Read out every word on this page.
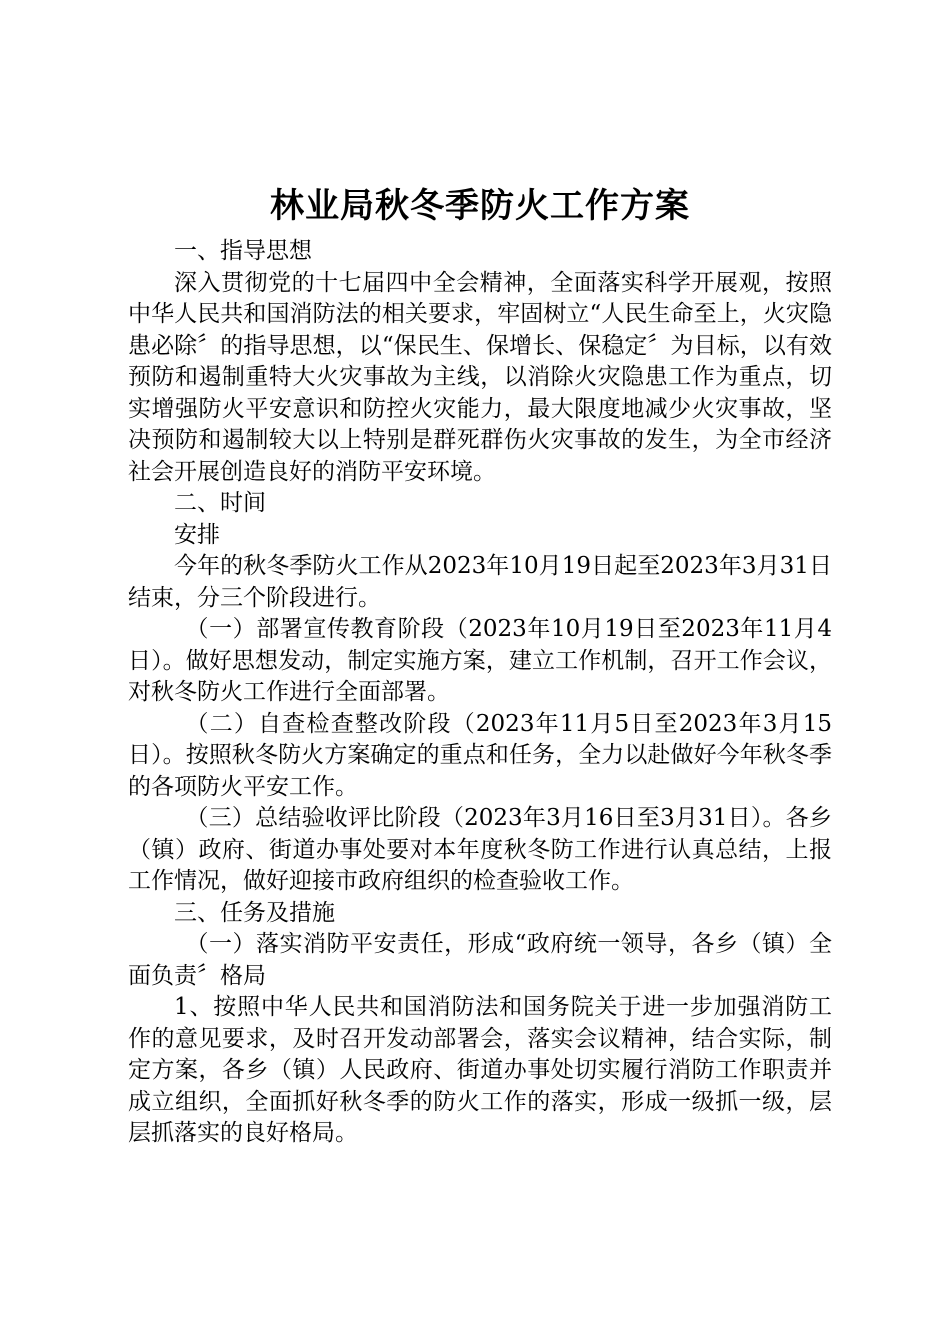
林业局秋冬季防火工作方案

一、指导思想

深入贯彻党的十七届四中全会精神，全面落实科学开展观，按照中华人民共和国消防法的相关要求，牢固树立“人民生命至上，火灾隐患必除〞的指导思想，以“保民生、保增长、保稳定〞为目标，以有效预防和遏制重特大火灾事故为主线，以消除火灾隐患工作为重点，切实增强防火平安意识和防控火灾能力，最大限度地减少火灾事故，坚决预防和遏制较大以上特别是群死群伤火灾事故的发生，为全市经济社会开展创造良好的消防平安环境。

二、时间

安排

今年的秋冬季防火工作从2023年10月19日起至2023年3月31日结束，分三个阶段进行。

（一）部署宣传教育阶段（2023年10月19日至2023年11月4日）。做好思想发动，制定实施方案，建立工作机制，召开工作会议，对秋冬防火工作进行全面部署。

（二）自查检查整改阶段（2023年11月5日至2023年3月15日）。按照秋冬防火方案确定的重点和任务，全力以赴做好今年秋冬季的各项防火平安工作。

（三）总结验收评比阶段（2023年3月16日至3月31日）。各乡（镇）政府、街道办事处要对本年度秋冬防工作进行认真总结，上报工作情况，做好迎接市政府组织的检查验收工作。

三、任务及措施

（一）落实消防平安责任，形成“政府统一领导，各乡（镇）全面负责〞格局

1、按照中华人民共和国消防法和国务院关于进一步加强消防工作的意见要求，及时召开发动部署会，落实会议精神，结合实际，制定方案，各乡（镇）人民政府、街道办事处切实履行消防工作职责并成立组织，全面抓好秋冬季的防火工作的落实，形成一级抓一级，层层抓落实的良好格局。
